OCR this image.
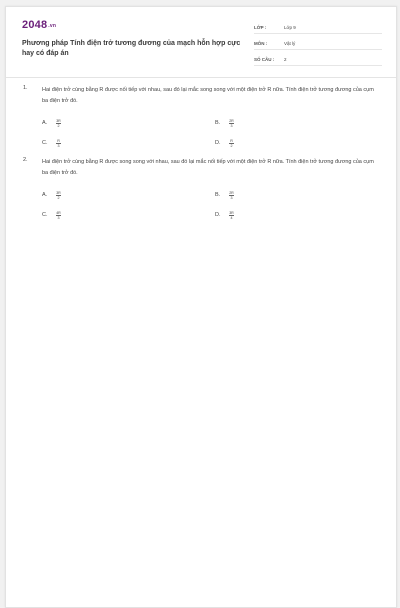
2048.vn
Phương pháp Tính điện trở tương đương của mạch hỗn hợp cực hay có đáp án
LỚP :	Lớp 9
MÔN :	Vật lý
SỐ CÂU :	2
1.	Hai điện trở cùng bằng R được nối tiếp với nhau, sau đó lại mắc song song với một điện trở R nữa. Tính điện trở tương đương của cụm ba điện trở đó.
A.	$\frac{3R}{2}$	B.	$\frac{2R}{3}$
C.	$\frac{R}{3}$	D.	$\frac{R}{2}$
2.	Hai điện trở cùng bằng R được song song với nhau, sau đó lại mắc nối tiếp với một điện trở R nữa. Tính điện trở tương đương của cụm ba điện trở đó.
A.	$\frac{3R}{2}$	B.	$\frac{2R}{3}$
C.	$\frac{4R}{3}$	D.	$\frac{3R}{4}$
